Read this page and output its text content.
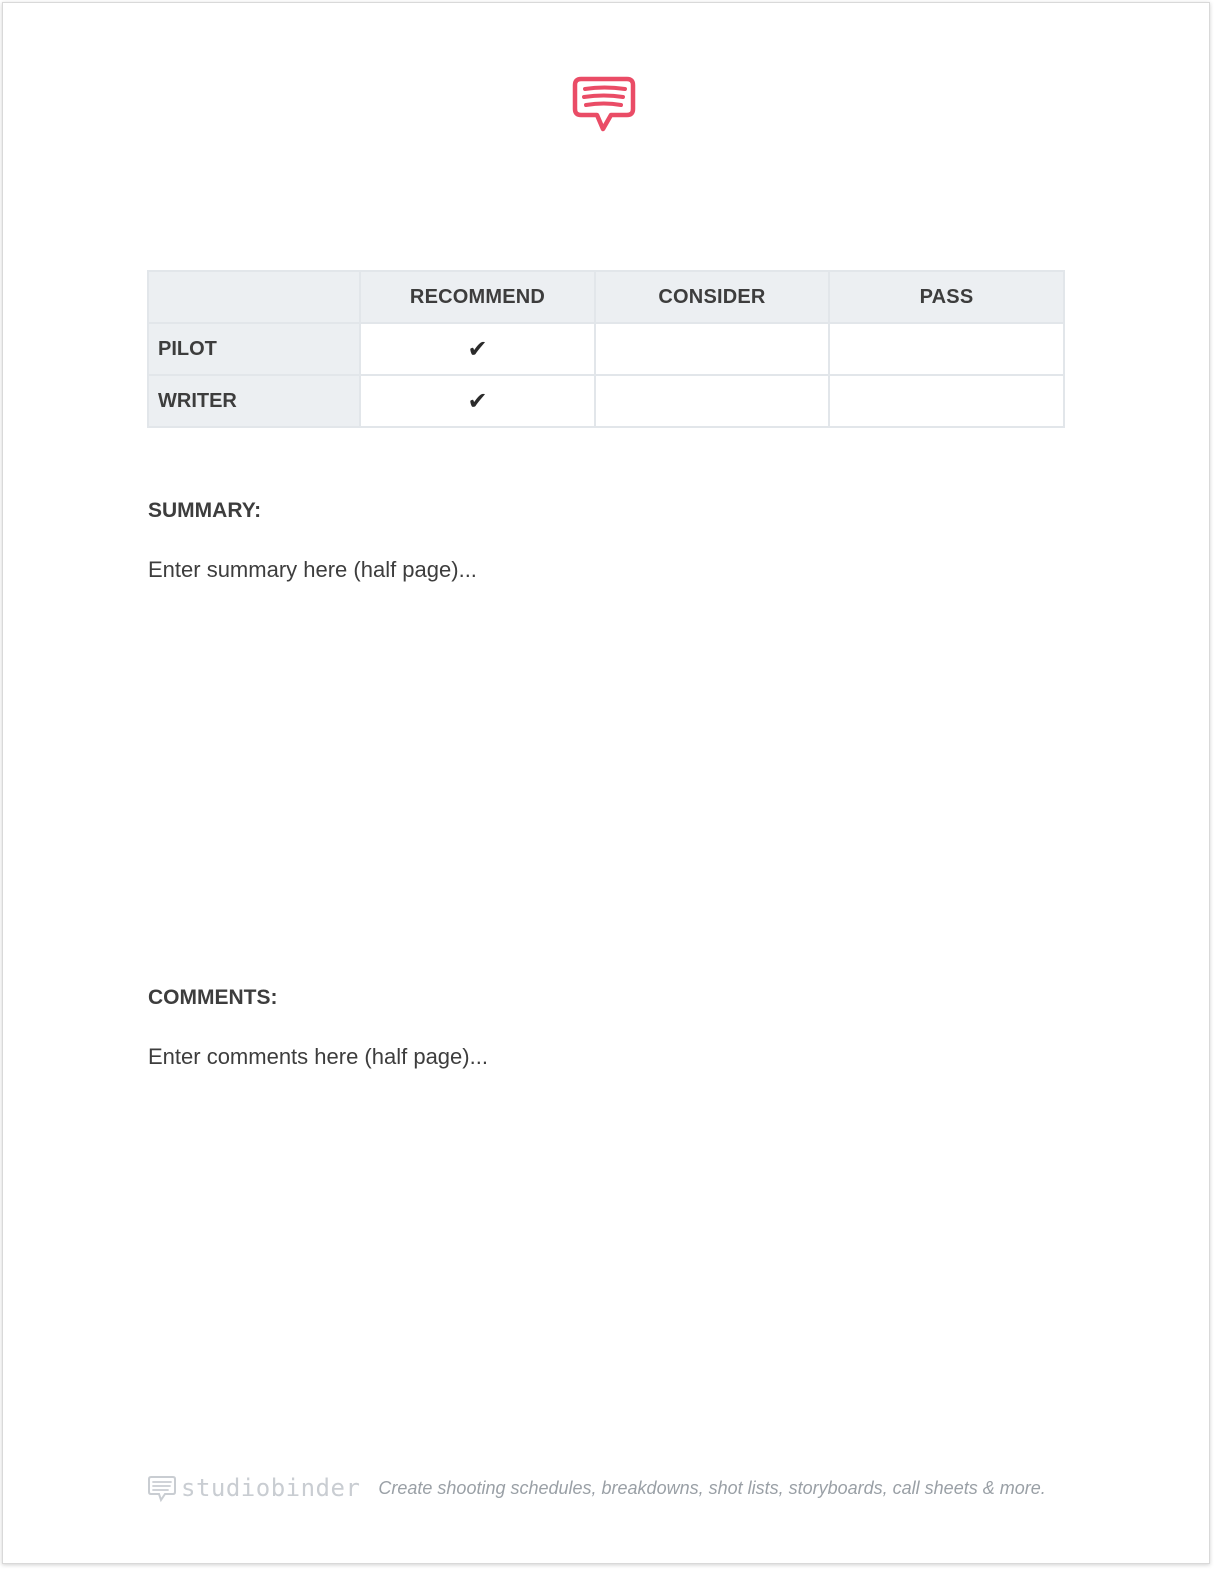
	RECOMMEND	CONSIDER	PASS
PILOT	✔		
WRITER	✔		
SUMMARY:

Enter summary here (half page)...

COMMENTS:

Enter comments here (half page)...

studiobinder Create shooting schedules, breakdowns, shot lists, storyboards, call sheets & more.
